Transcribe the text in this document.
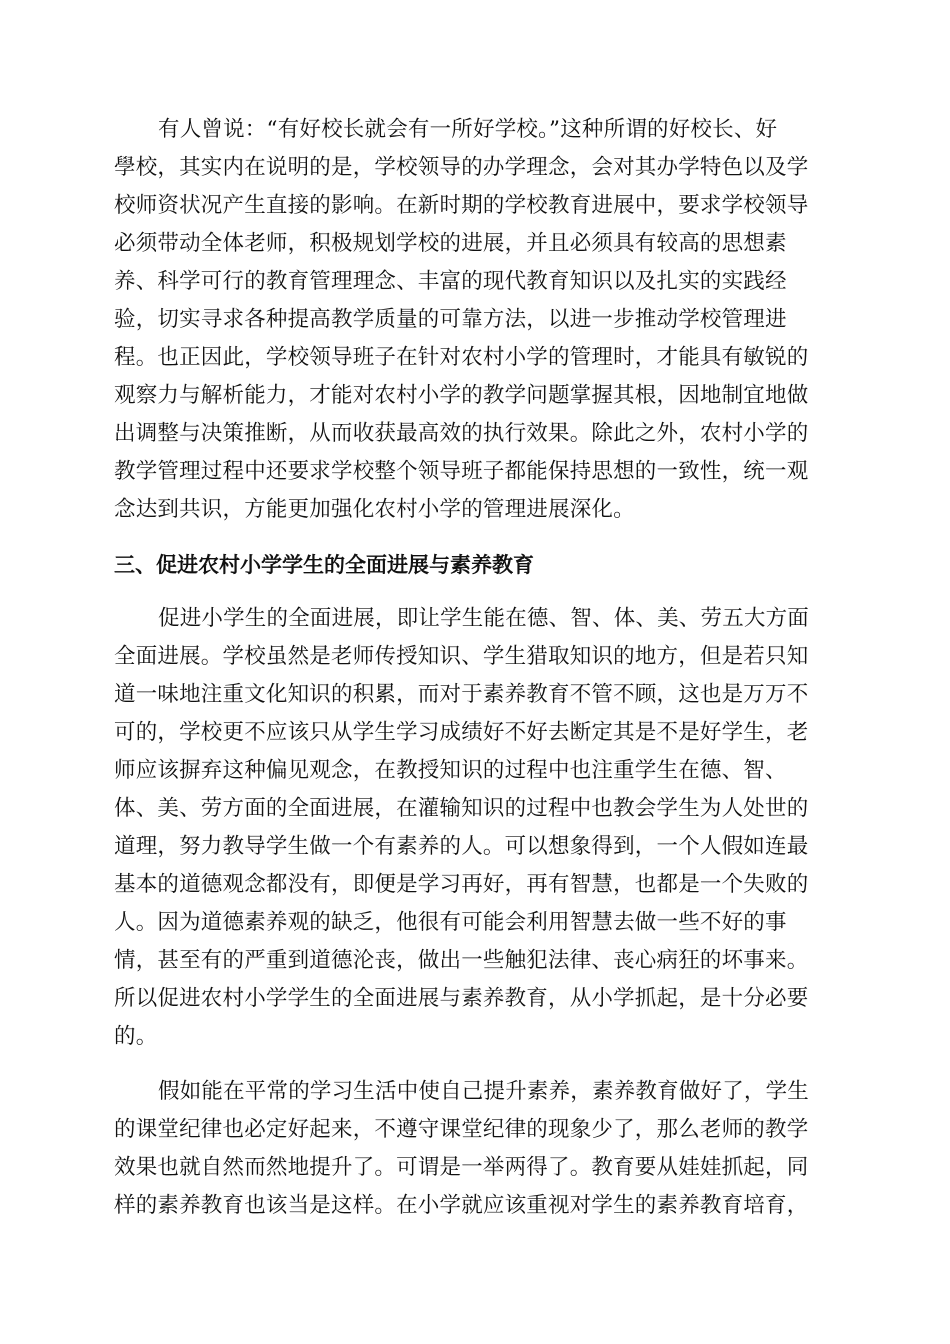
有人曾说：“有好校长就会有一所好学校。”这种所谓的好校长、好
學校，其实内在说明的是，学校领导的办学理念，会对其办学特色以及学
校师资状况产生直接的影响。在新时期的学校教育进展中，要求学校领导
必须带动全体老师，积极规划学校的进展，并且必须具有较高的思想素
养、科学可行的教育管理理念、丰富的现代教育知识以及扎实的实践经
验，切实寻求各种提高教学质量的可靠方法，以进一步推动学校管理进
程。也正因此，学校领导班子在针对农村小学的管理时，才能具有敏锐的
观察力与解析能力，才能对农村小学的教学问题掌握其根，因地制宜地做
出调整与决策推断，从而收获最高效的执行效果。除此之外，农村小学的
教学管理过程中还要求学校整个领导班子都能保持思想的一致性，统一观
念达到共识，方能更加强化农村小学的管理进展深化。
三、促进农村小学学生的全面进展与素养教育
促进小学生的全面进展，即让学生能在德、智、体、美、劳五大方面
全面进展。学校虽然是老师传授知识、学生猎取知识的地方，但是若只知
道一味地注重文化知识的积累，而对于素养教育不管不顾，这也是万万不
可的，学校更不应该只从学生学习成绩好不好去断定其是不是好学生，老
师应该摒弃这种偏见观念，在教授知识的过程中也注重学生在德、智、
体、美、劳方面的全面进展，在灌输知识的过程中也教会学生为人处世的
道理，努力教导学生做一个有素养的人。可以想象得到，一个人假如连最
基本的道德观念都没有，即便是学习再好，再有智慧，也都是一个失败的
人。因为道德素养观的缺乏，他很有可能会利用智慧去做一些不好的事
情，甚至有的严重到道德沦丧，做出一些触犯法律、丧心病狂的坏事来。
所以促进农村小学学生的全面进展与素养教育，从小学抓起，是十分必要
的。
假如能在平常的学习生活中使自己提升素养，素养教育做好了，学生
的课堂纪律也必定好起来，不遵守课堂纪律的现象少了，那么老师的教学
效果也就自然而然地提升了。可谓是一举两得了。教育要从娃娃抓起，同
样的素养教育也该当是这样。在小学就应该重视对学生的素养教育培育，
